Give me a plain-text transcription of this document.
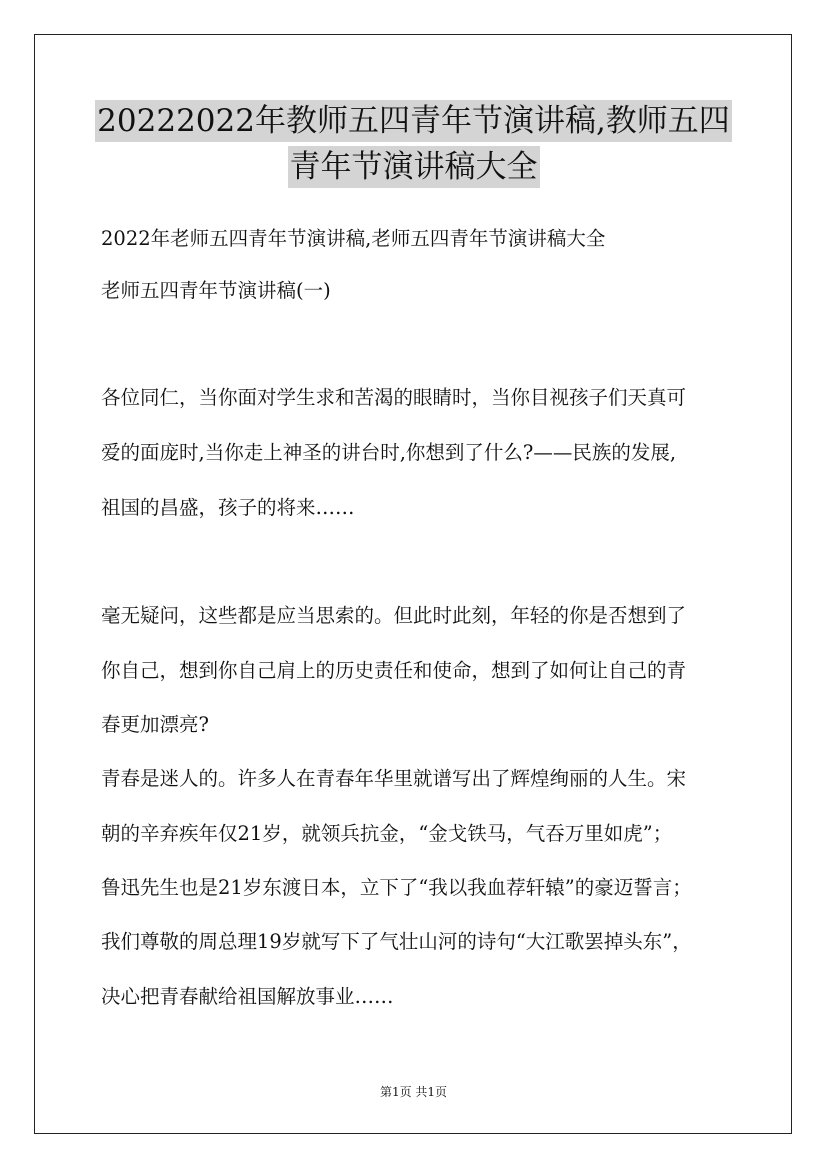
20222022年教师五四青年节演讲稿,教师五四
青年节演讲稿大全
2022年老师五四青年节演讲稿,老师五四青年节演讲稿大全
老师五四青年节演讲稿(一)
各位同仁，当你面对学生求和苦渴的眼睛时，当你目视孩子们天真可
爱的面庞时,当你走上神圣的讲台时,你想到了什么?——民族的发展,
祖国的昌盛，孩子的将来……
毫无疑问，这些都是应当思索的。但此时此刻，年轻的你是否想到了
你自己，想到你自己肩上的历史责任和使命，想到了如何让自己的青
春更加漂亮?
青春是迷人的。许多人在青春年华里就谱写出了辉煌绚丽的人生。宋
朝的辛弃疾年仅21岁，就领兵抗金，“金戈铁马，气吞万里如虎”；
鲁迅先生也是21岁东渡日本，立下了“我以我血荐轩辕”的豪迈誓言；
我们尊敬的周总理19岁就写下了气壮山河的诗句“大江歌罢掉头东”，
决心把青春献给祖国解放事业……
第1页 共1页
